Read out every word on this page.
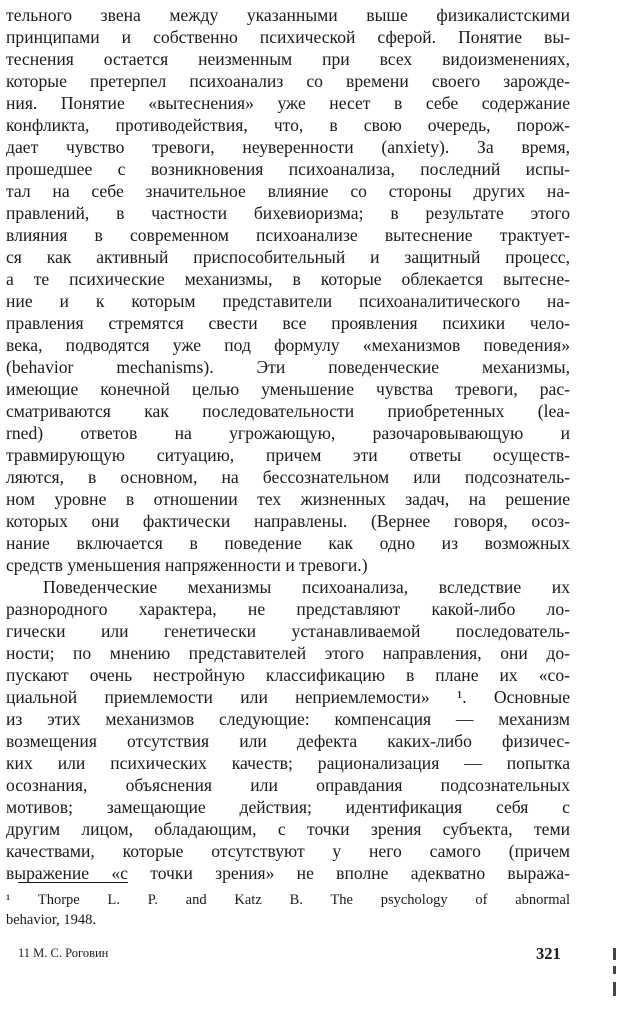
тельного звена между указанными выше физикалистскими
принципами и собственно психической сферой. Понятие вы-
теснения остается неизменным при всех видоизменениях,
которые претерпел психоанализ со времени своего зарожде-
ния. Понятие «вытеснения» уже несет в себе содержание
конфликта, противодействия, что, в свою очередь, порож-
дает чувство тревоги, неуверенности (anxiety). За время,
прошедшее с возникновения психоанализа, последний испы-
тал на себе значительное влияние со стороны других на-
правлений, в частности бихевиоризма; в результате этого
влияния в современном психоанализе вытеснение трактует-
ся как активный приспособительный и защитный процесс,
а те психические механизмы, в которые облекается вытесне-
ние и к которым представители психоаналитического на-
правления стремятся свести все проявления психики чело-
века, подводятся уже под формулу «механизмов поведения»
(behavior mechanisms). Эти поведенческие механизмы,
имеющие конечной целью уменьшение чувства тревоги, рас-
сматриваются как последовательности приобретенных (lea-
rned) ответов на угрожающую, разочаровывающую и
травмирующую ситуацию, причем эти ответы осуществ-
ляются, в основном, на бессознательном или подсознатель-
ном уровне в отношении тех жизненных задач, на решение
которых они фактически направлены. (Вернее говоря, осоз-
нание включается в поведение как одно из возможных
средств уменьшения напряженности и тревоги.)
Поведенческие механизмы психоанализа, вследствие их
разнородного характера, не представляют какой-либо ло-
гически или генетически устанавливаемой последователь-
ности; по мнению представителей этого направления, они до-
пускают очень нестройную классификацию в плане их «со-
циальной приемлемости или неприемлемости» ¹. Основные
из этих механизмов следующие: компенсация — механизм
возмещения отсутствия или дефекта каких-либо физичес-
ких или психических качеств; рационализация — попытка
осознания, объяснения или оправдания подсознательных
мотивов; замещающие действия; идентификация себя с
другим лицом, обладающим, с точки зрения субъекта, теми
качествами, которые отсутствуют у него самого (причем
выражение «с точки зрения» не вполне адекватно выража-
¹ Thorpe L. P. and Katz B. The psychology of abnormal
behavior, 1948.
11 М. С. Роговин	321
